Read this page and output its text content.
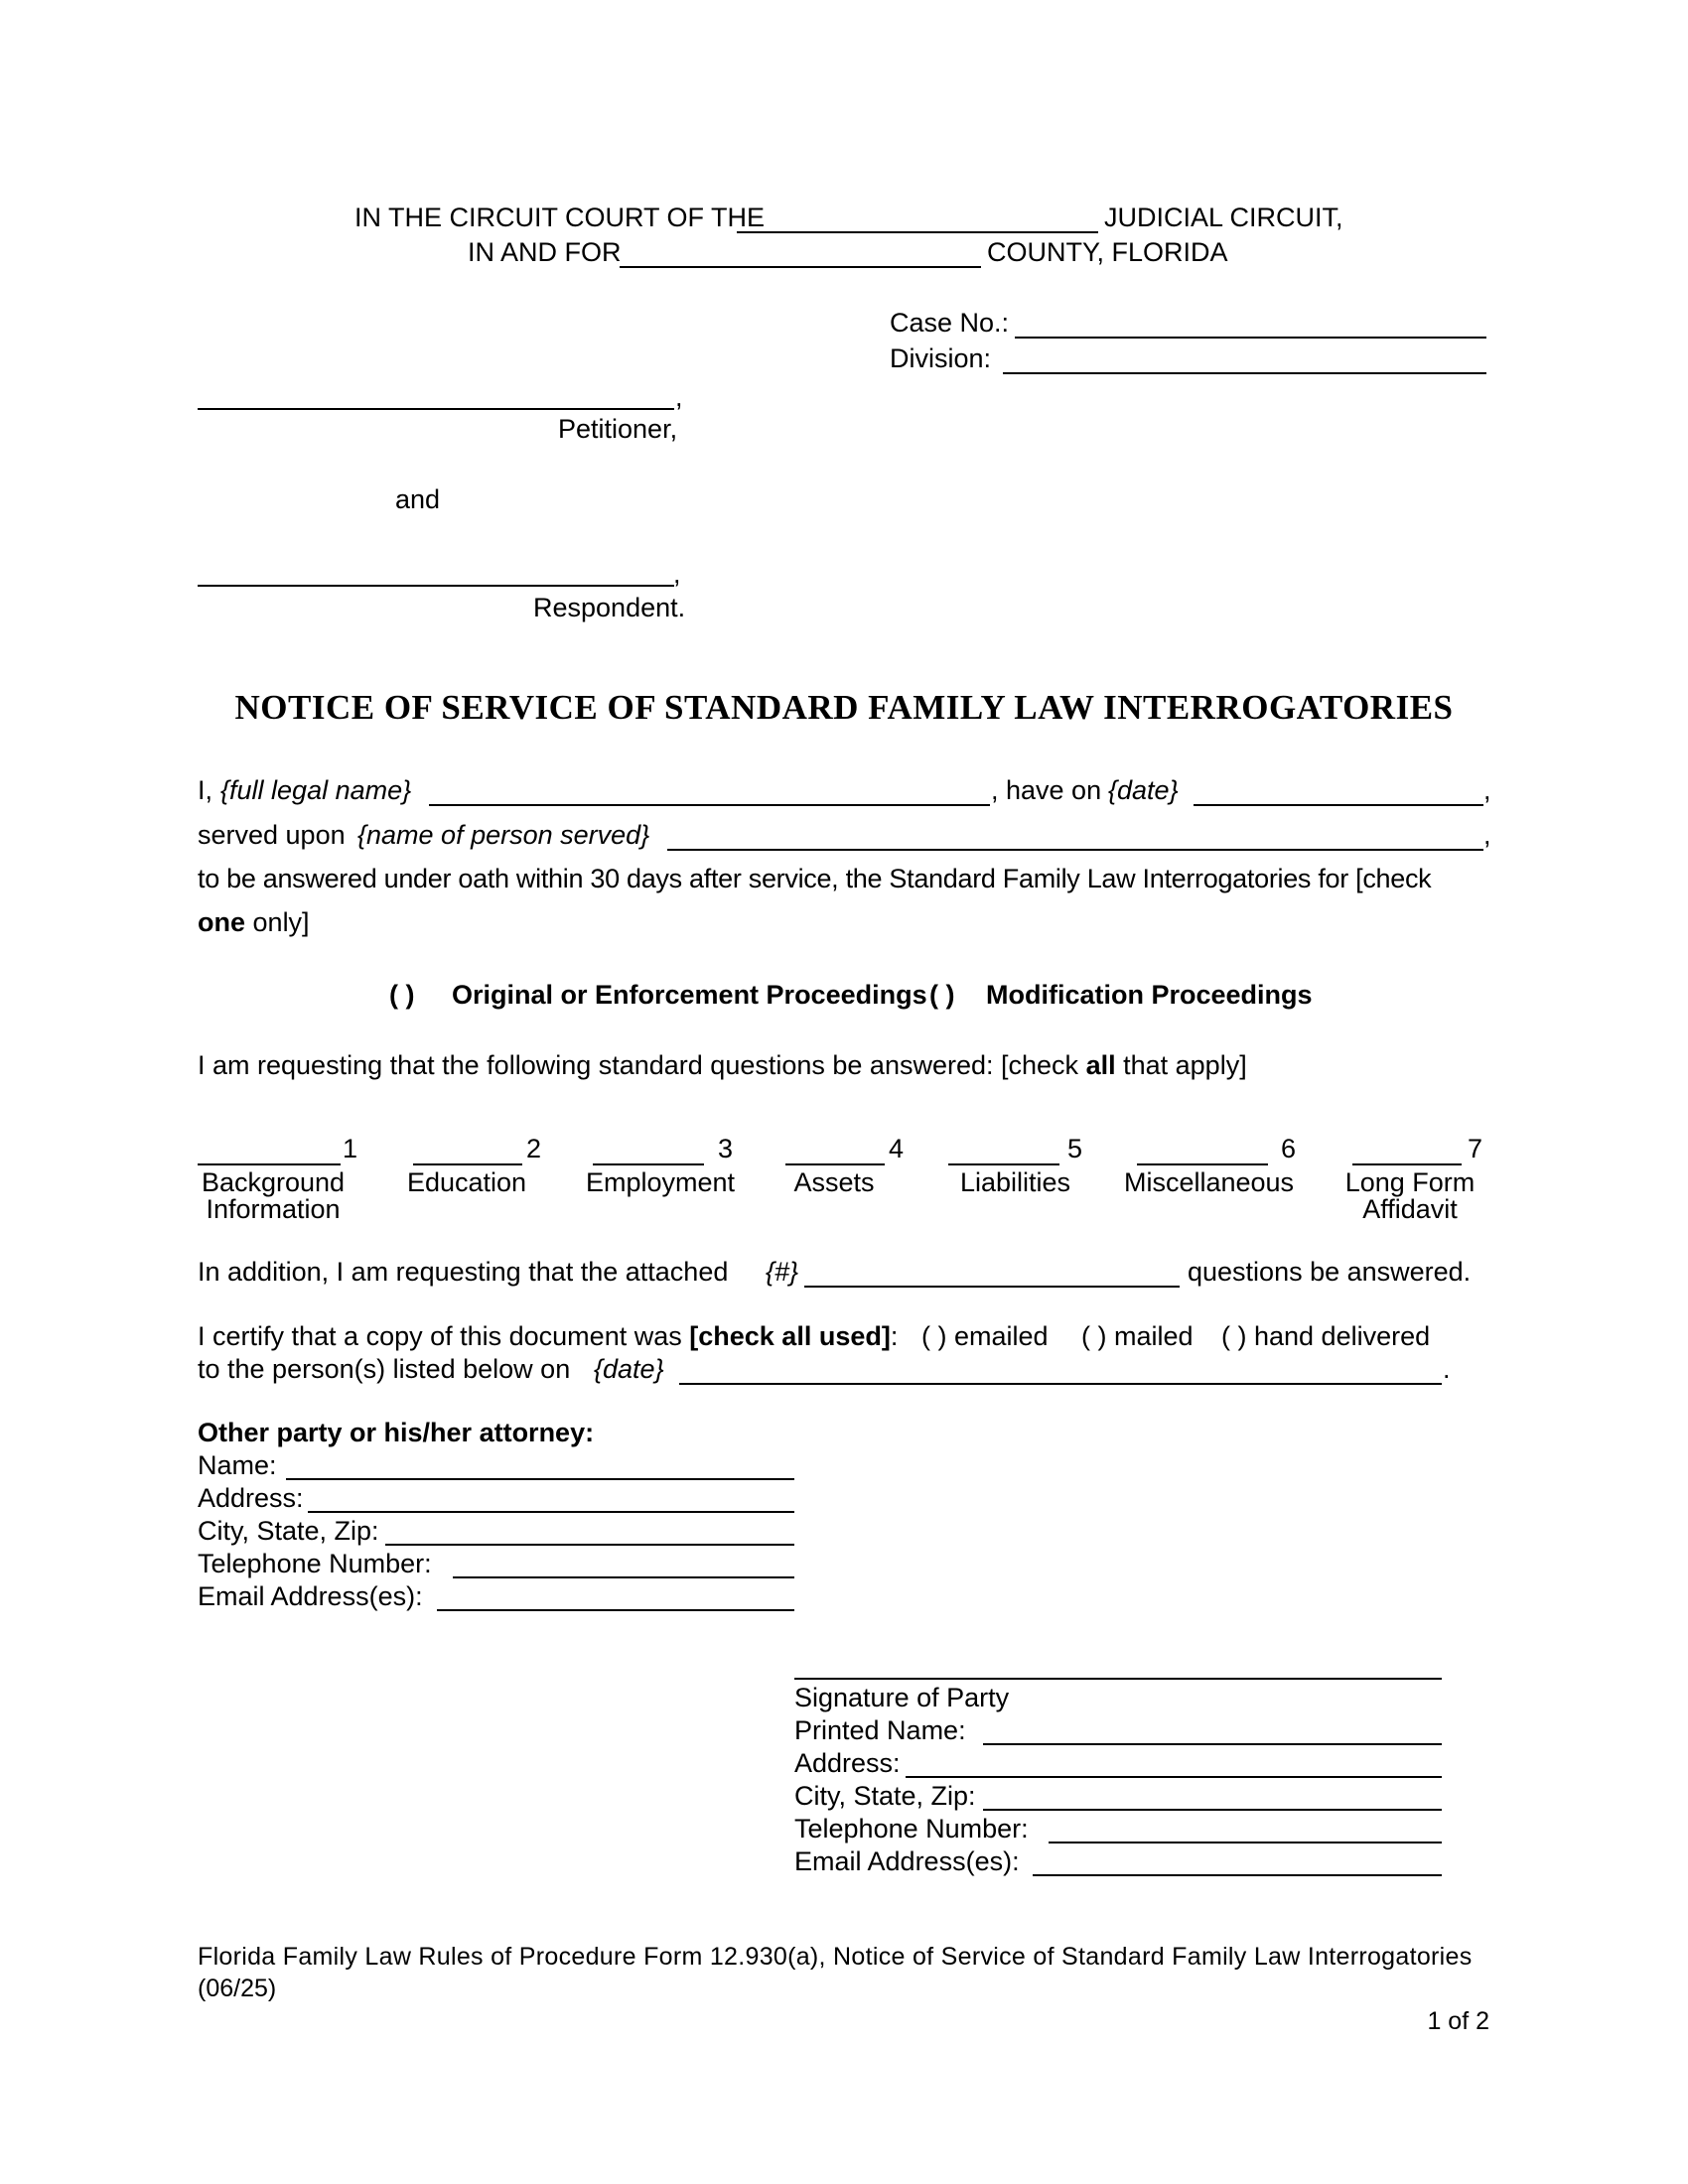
IN THE CIRCUIT COURT OF THE	JUDICIAL CIRCUIT,
IN AND FOR	COUNTY, FLORIDA
Case No.:
Division:
,
Petitioner,
and
,
Respondent.
NOTICE OF SERVICE OF STANDARD FAMILY LAW INTERROGATORIES
I, {full legal name}	, have on {date}	,
served upon {name of person served}	,
to be answered under oath within 30 days after service, the Standard Family Law Interrogatories for [check
one only]
( ) Original or Enforcement Proceedings ( ) Modification Proceedings
I am requesting that the following standard questions be answered: [check all that apply]
1
Background
Information
2
Education
3
Employment
4
Assets
5
Liabilities
6
Miscellaneous
7
Long Form
Affidavit
In addition, I am requesting that the attached {#}	questions be answered.
I certify that a copy of this document was [check all used]: ( ) emailed ( ) mailed ( ) hand delivered
to the person(s) listed below on {date}	.
Other party or his/her attorney:
Name:
Address:
City, State, Zip:
Telephone Number:
Email Address(es):
Signature of Party
Printed Name:
Address:
City, State, Zip:
Telephone Number:
Email Address(es):
Florida Family Law Rules of Procedure Form 12.930(a), Notice of Service of Standard Family Law Interrogatories
(06/25)
1 of 2
